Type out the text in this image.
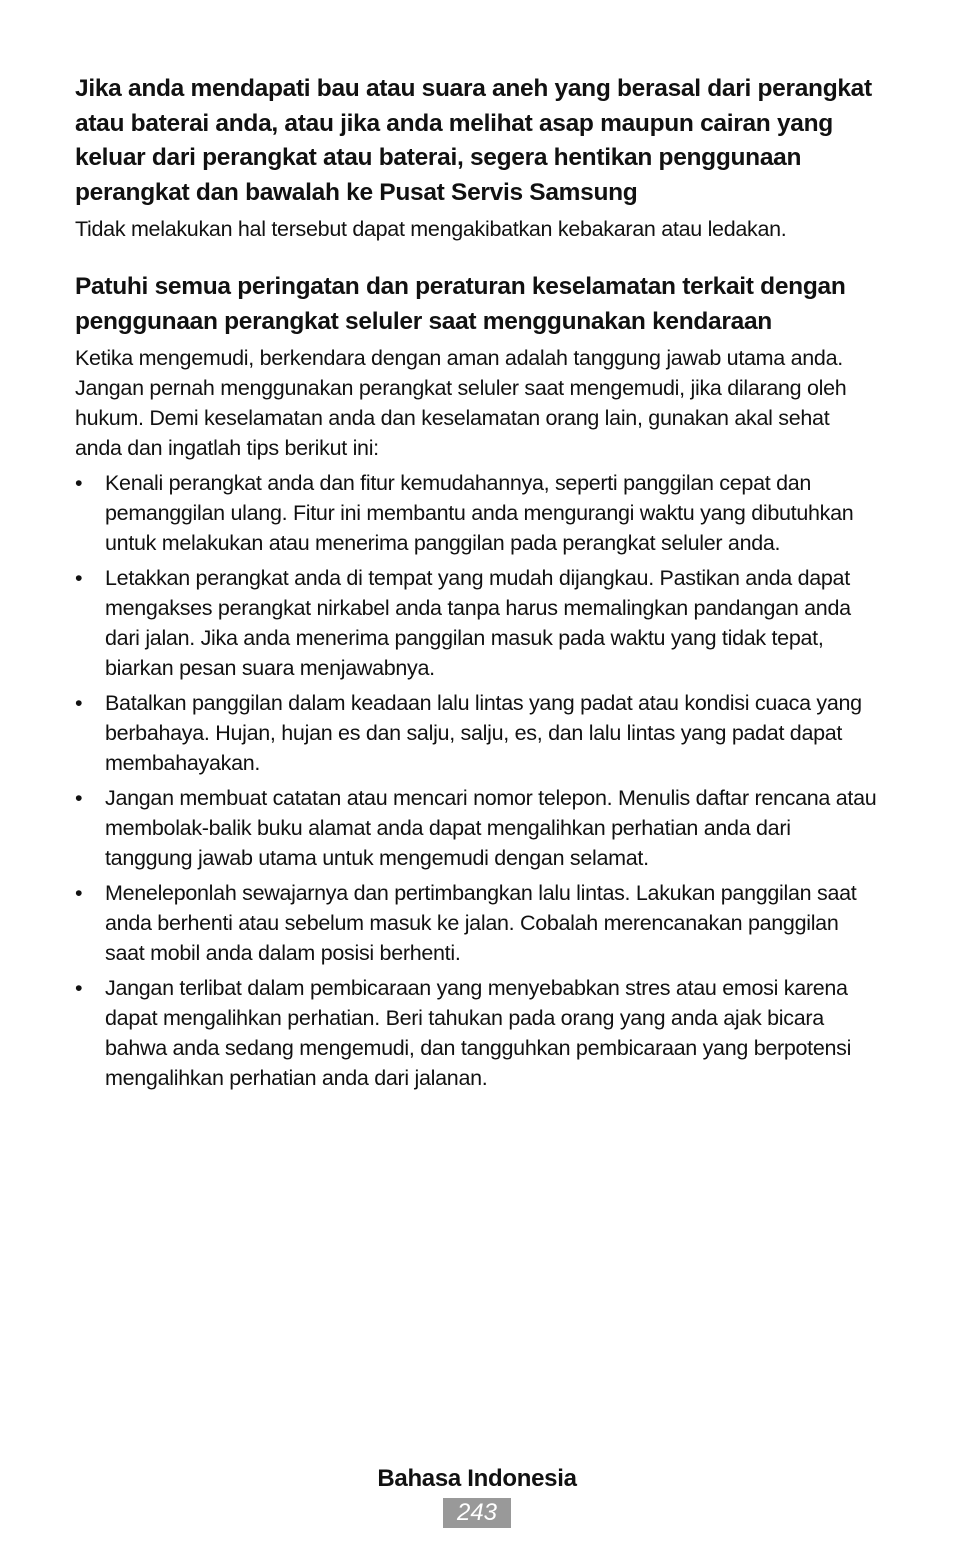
Jika anda mendapati bau atau suara aneh yang berasal dari perangkat atau baterai anda, atau jika anda melihat asap maupun cairan yang keluar dari perangkat atau baterai, segera hentikan penggunaan perangkat dan bawalah ke Pusat Servis Samsung

Tidak melakukan hal tersebut dapat mengakibatkan kebakaran atau ledakan.

Patuhi semua peringatan dan peraturan keselamatan terkait dengan penggunaan perangkat seluler saat menggunakan kendaraan

Ketika mengemudi, berkendara dengan aman adalah tanggung jawab utama anda. Jangan pernah menggunakan perangkat seluler saat mengemudi, jika dilarang oleh hukum. Demi keselamatan anda dan keselamatan orang lain, gunakan akal sehat anda dan ingatlah tips berikut ini:

•	Kenali perangkat anda dan fitur kemudahannya, seperti panggilan cepat dan pemanggilan ulang. Fitur ini membantu anda mengurangi waktu yang dibutuhkan untuk melakukan atau menerima panggilan pada perangkat seluler anda.
•	Letakkan perangkat anda di tempat yang mudah dijangkau. Pastikan anda dapat mengakses perangkat nirkabel anda tanpa harus memalingkan pandangan anda dari jalan. Jika anda menerima panggilan masuk pada waktu yang tidak tepat, biarkan pesan suara menjawabnya.
•	Batalkan panggilan dalam keadaan lalu lintas yang padat atau kondisi cuaca yang berbahaya. Hujan, hujan es dan salju, salju, es, dan lalu lintas yang padat dapat membahayakan.
•	Jangan membuat catatan atau mencari nomor telepon. Menulis daftar rencana atau membolak-balik buku alamat anda dapat mengalihkan perhatian anda dari tanggung jawab utama untuk mengemudi dengan selamat.
•	Meneleponlah sewajarnya dan pertimbangkan lalu lintas. Lakukan panggilan saat anda berhenti atau sebelum masuk ke jalan. Cobalah merencanakan panggilan saat mobil anda dalam posisi berhenti.
•	Jangan terlibat dalam pembicaraan yang menyebabkan stres atau emosi karena dapat mengalihkan perhatian. Beri tahukan pada orang yang anda ajak bicara bahwa anda sedang mengemudi, dan tangguhkan pembicaraan yang berpotensi mengalihkan perhatian anda dari jalanan.
Bahasa Indonesia
243
